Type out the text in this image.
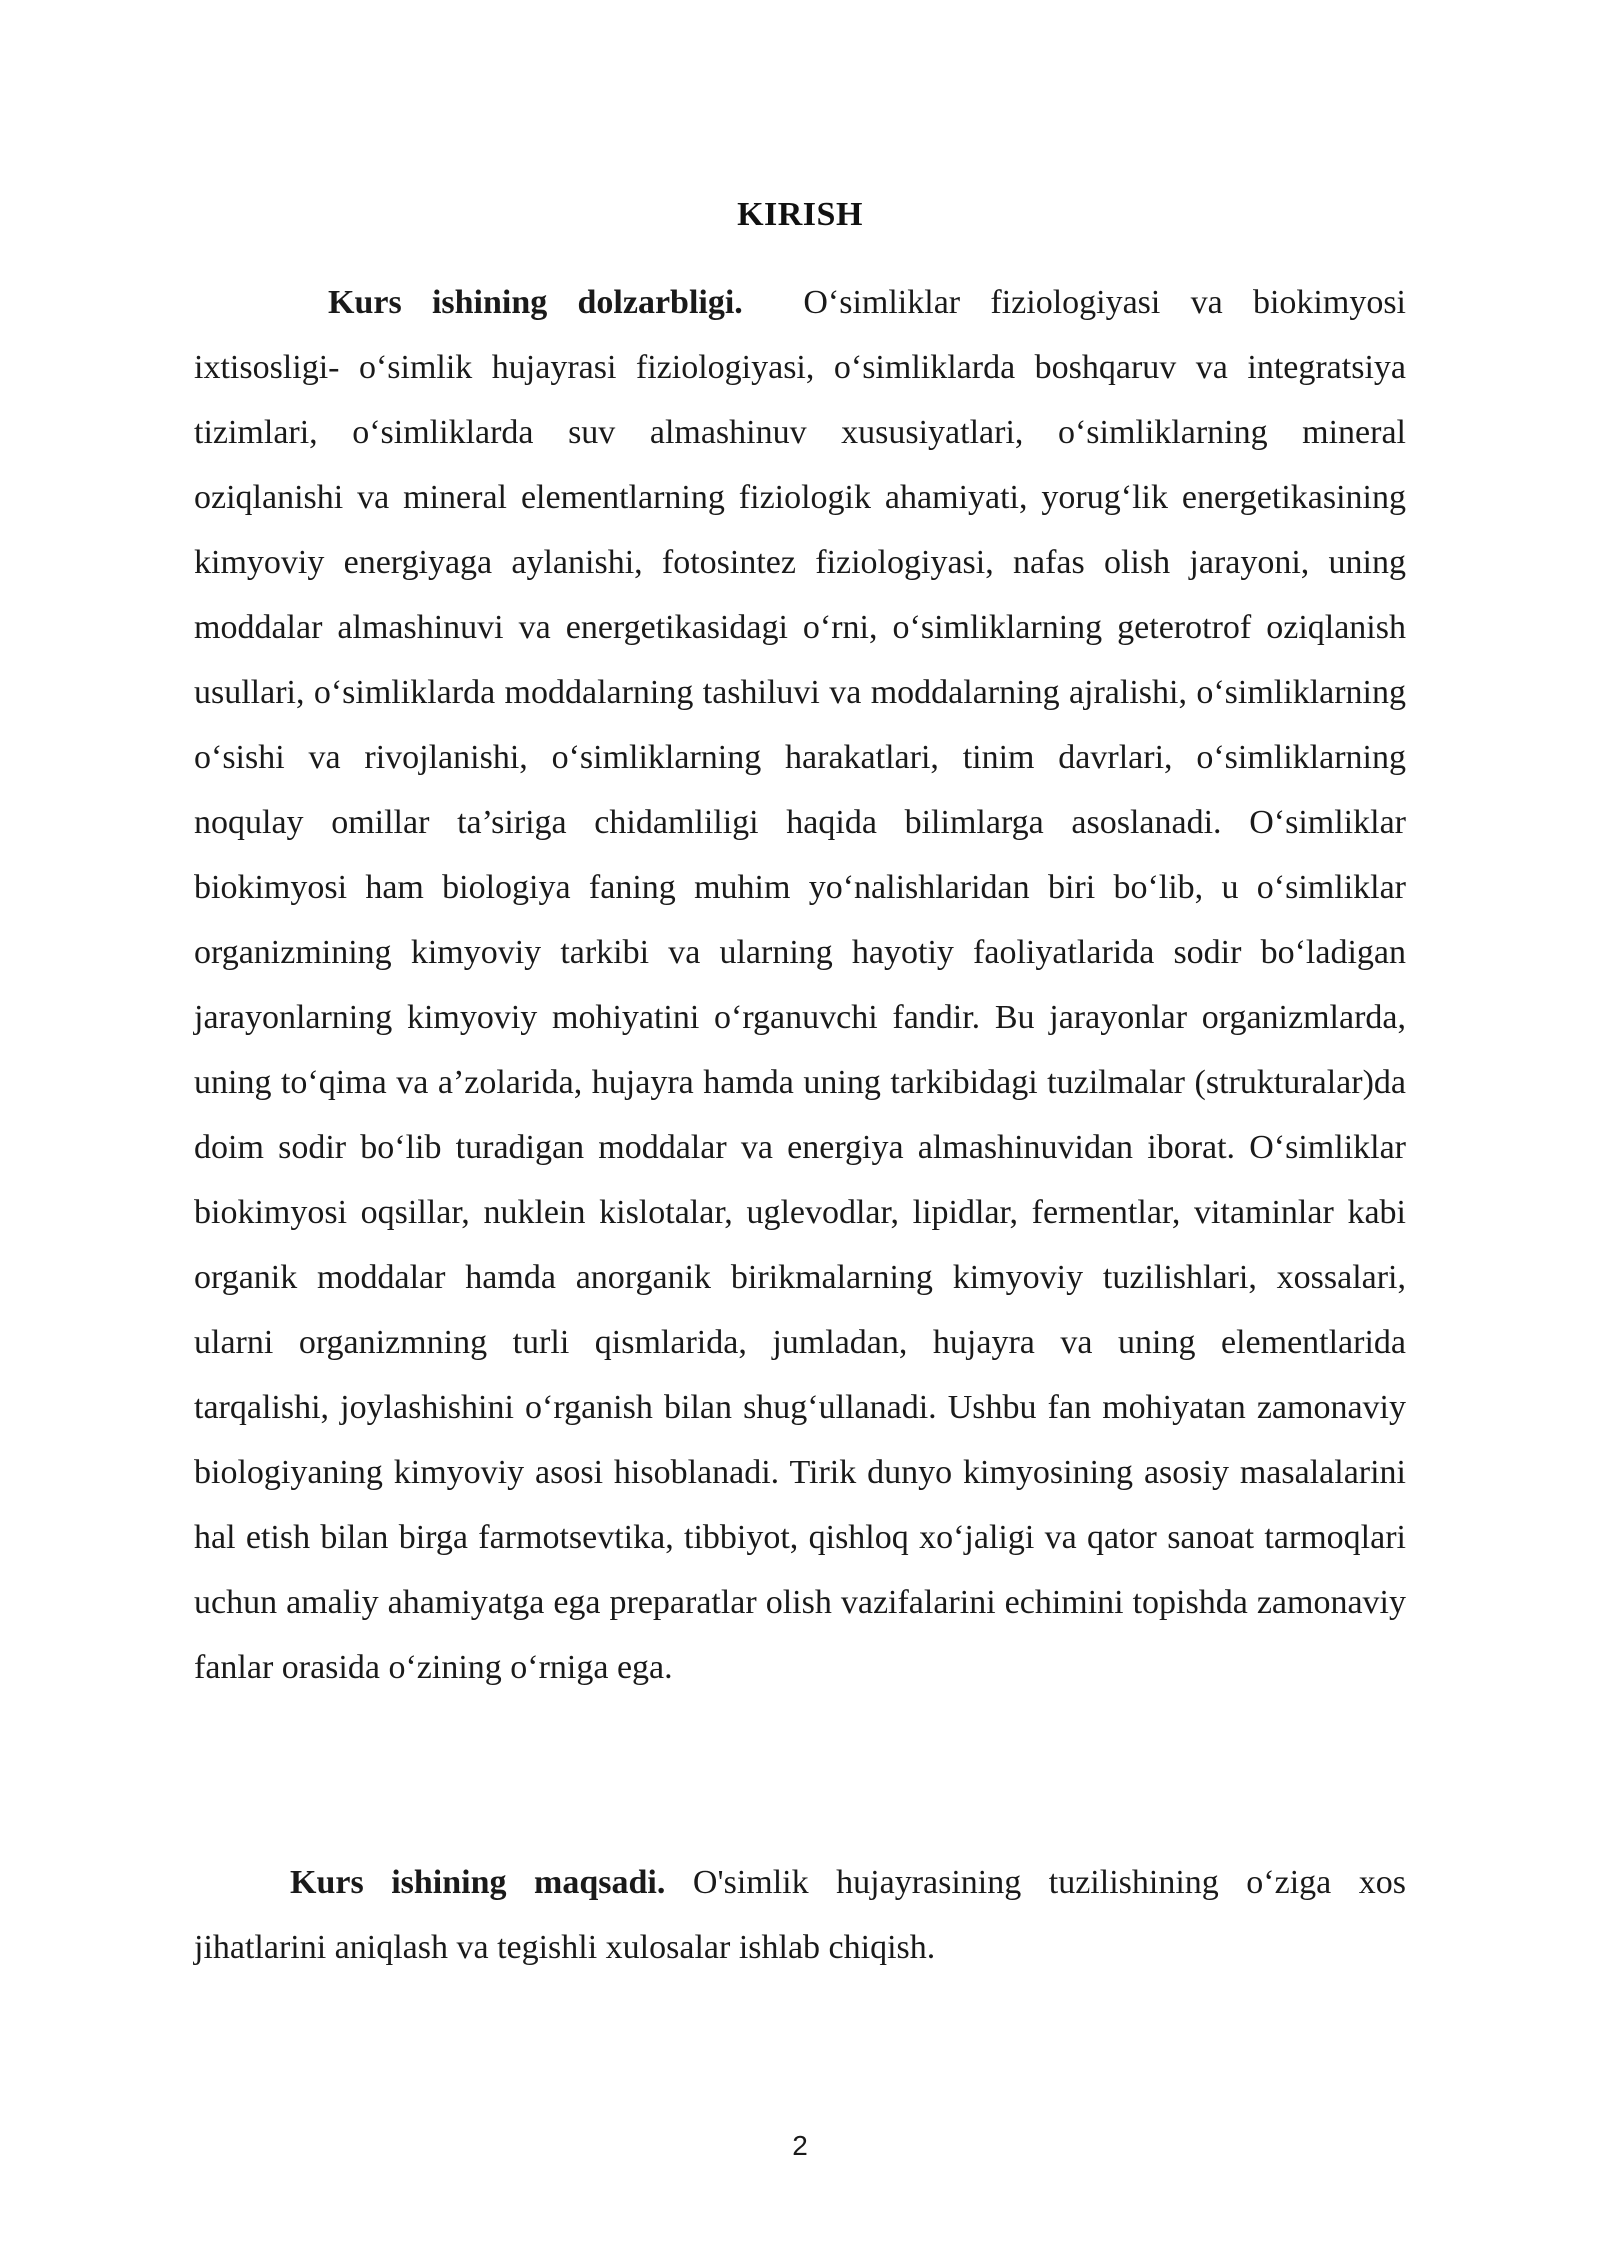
KIRISH

Kurs ishining dolzarbligi. O‘simliklar fiziologiyasi va biokimyosi ixtisosligi- o‘simlik hujayrasi fiziologiyasi, o‘simliklarda boshqaruv va integratsiya tizimlari, o‘simliklarda suv almashinuv xususiyatlari, o‘simliklarning mineral oziqlanishi va mineral elementlarning fiziologik ahamiyati, yorug‘lik energetikasining kimyoviy energiyaga aylanishi, fotosintez fiziologiyasi, nafas olish jarayoni, uning moddalar almashinuvi va energetikasidagi o‘rni, o‘simliklarning geterotrof oziqlanish usullari, o‘simliklarda moddalarning tashiluvi va moddalarning ajralishi, o‘simliklarning o‘sishi va rivojlanishi, o‘simliklarning harakatlari, tinim davrlari, o‘simliklarning noqulay omillar ta’siriga chidamliligi haqida bilimlarga asoslanadi. O‘simliklar biokimyosi ham biologiya faning muhim yo‘nalishlaridan biri bo‘lib, u o‘simliklar organizmining kimyoviy tarkibi va ularning hayotiy faoliyatlarida sodir bo‘ladigan jarayonlarning kimyoviy mohiyatini o‘rganuvchi fandir. Bu jarayonlar organizmlarda, uning to‘qima va a’zolarida, hujayra hamda uning tarkibidagi tuzilmalar (strukturalar)da doim sodir bo‘lib turadigan moddalar va energiya almashinuvidan iborat. O‘simliklar biokimyosi oqsillar, nuklein kislotalar, uglevodlar, lipidlar, fermentlar, vitaminlar kabi organik moddalar hamda anorganik birikmalarning kimyoviy tuzilishlari, xossalari, ularni organizmning turli qismlarida, jumladan, hujayra va uning elementlarida tarqalishi, joylashishini o‘rganish bilan shug‘ullanadi. Ushbu fan mohiyatan zamonaviy biologiyaning kimyoviy asosi hisoblanadi. Tirik dunyo kimyosining asosiy masalalarini hal etish bilan birga farmotsevtika, tibbiyot, qishloq xo‘jaligi va qator sanoat tarmoqlari uchun amaliy ahamiyatga ega preparatlar olish vazifalarini echimini topishda zamonaviy fanlar orasida o‘zining o‘rniga ega.

Kurs ishining maqsadi. O'simlik hujayrasining tuzilishining o‘ziga xos jihatlarini aniqlash va tegishli xulosalar ishlab chiqish.

2
